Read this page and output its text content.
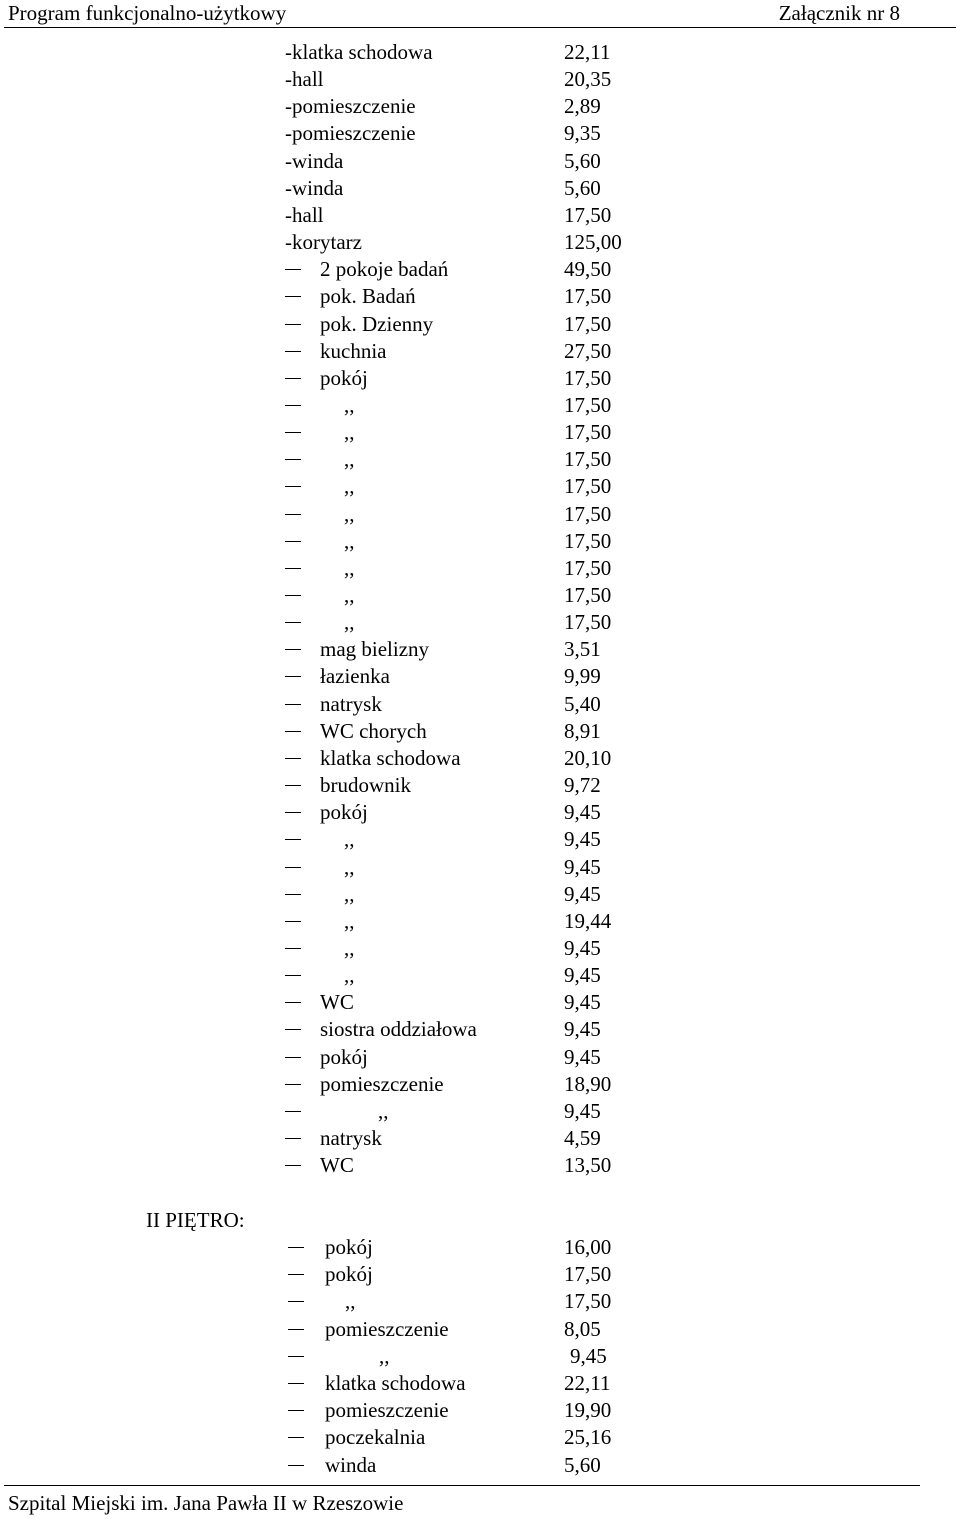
Program funkcjonalno-użytkowy	Załącznik nr 8
-klatka schodowa	22,11
-hall	20,35
-pomieszczenie	2,89
-pomieszczenie	9,35
-winda	5,60
-winda	5,60
-hall	17,50
-korytarz	125,00
2 pokoje badań	49,50
pok. Badań	17,50
pok. Dzienny	17,50
kuchnia	27,50
pokój	17,50
,,	17,50
,,	17,50
,,	17,50
,,	17,50
,,	17,50
,,	17,50
,,	17,50
,,	17,50
,,	17,50
mag bielizny	3,51
łazienka	9,99
natrysk	5,40
WC chorych	8,91
klatka schodowa	20,10
brudownik	9,72
pokój	9,45
,,	9,45
,,	9,45
,,	9,45
,,	19,44
,,	9,45
,,	9,45
WC	9,45
siostra oddziałowa	9,45
pokój	9,45
pomieszczenie	18,90
,,	9,45
natrysk	4,59
WC	13,50
pokój	16,00
pokój	17,50
,,	17,50
pomieszczenie	8,05
,,	9,45
klatka schodowa	22,11
pomieszczenie	19,90
poczekalnia	25,16
winda	5,60
II PIĘTRO:
Szpital Miejski im. Jana Pawła II w Rzeszowie
